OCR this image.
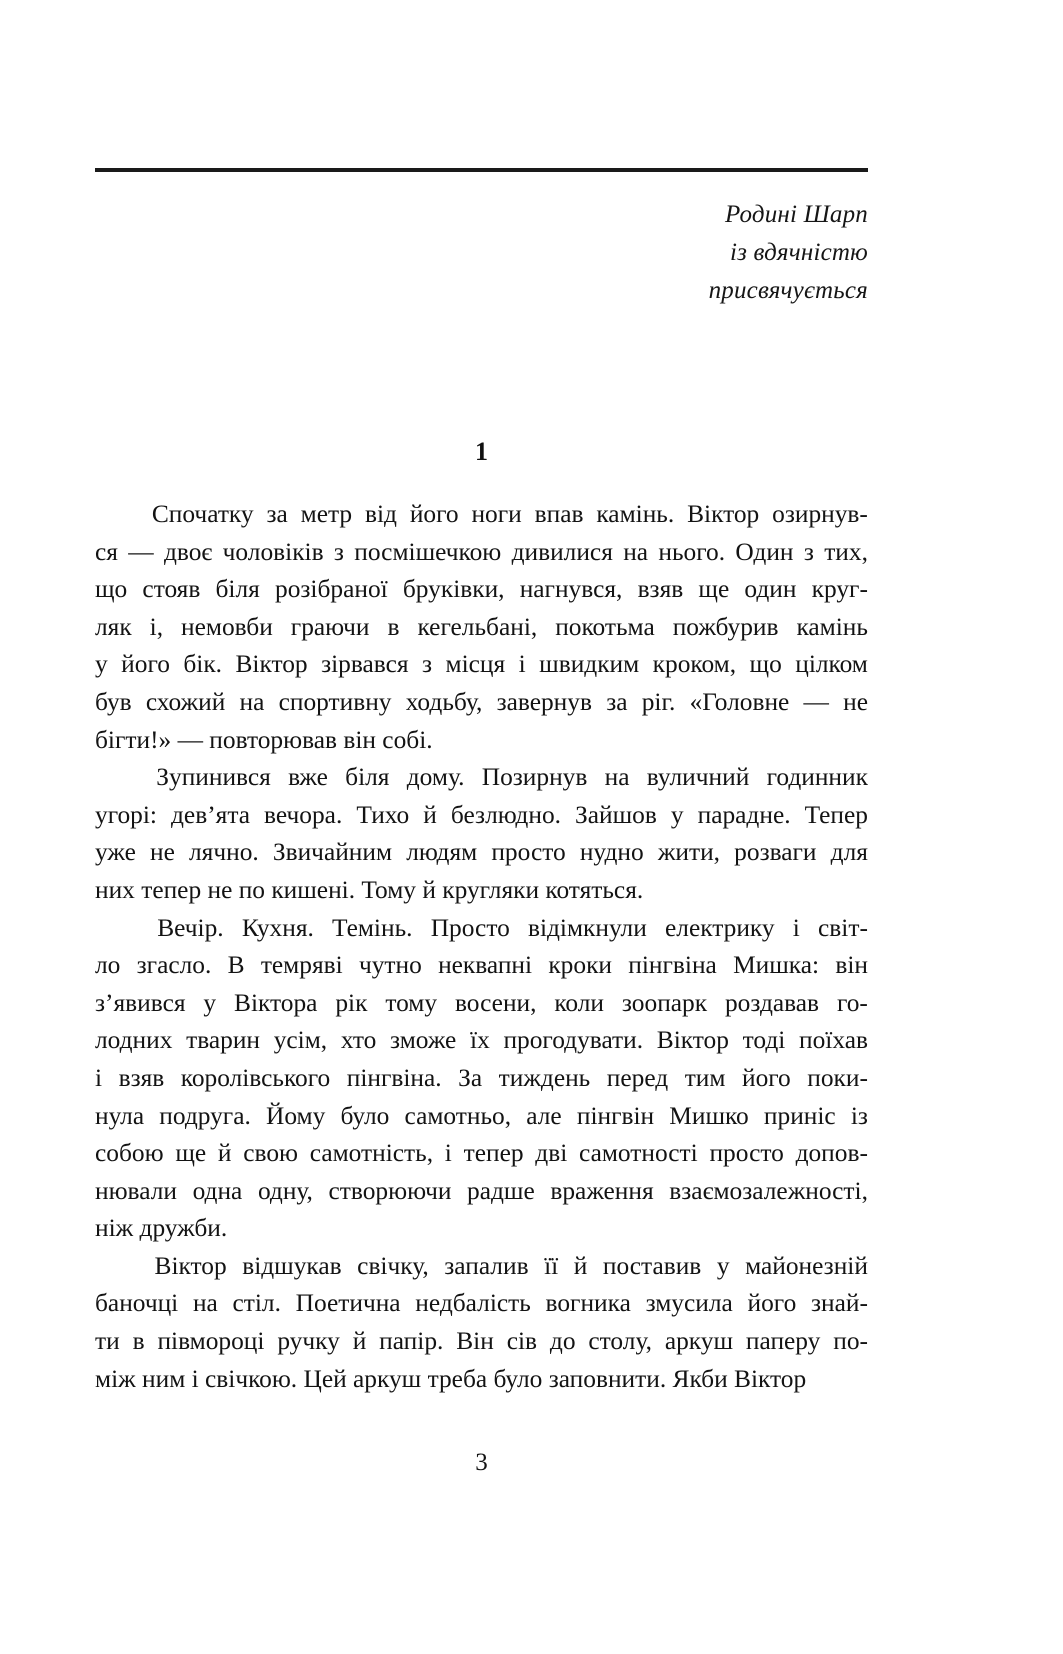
Родині Шарп
із вдячністю
присвячується
1

Спочатку за метр від його ноги впав камінь. Віктор озирнув-
ся — двоє чоловіків з посмішечкою дивилися на нього. Один з тих,
що стояв біля розібраної бруківки, нагнувся, взяв ще один круг-
ляк і, немовби граючи в кегельбані, покотьма пожбурив камінь
у його бік. Віктор зірвався з місця і швидким кроком, що цілком
був схожий на спортивну ходьбу, завернув за ріг. «Головне — не
бігти!» — повторював він собі.

Зупинився вже біля дому. Позирнув на вуличний годинник
угорі: дев’ята вечора. Тихо й безлюдно. Зайшов у парадне. Тепер
уже не лячно. Звичайним людям просто нудно жити, розваги для
них тепер не по кишені. Тому й кругляки котяться.

Вечір. Кухня. Темінь. Просто відімкнули електрику і світ-
ло згасло. В темряві чутно неквапні кроки пінгвіна Мишка: він
з’явився у Віктора рік тому восени, коли зоопарк роздавав го-
лодних тварин усім, хто зможе їх прогодувати. Віктор тоді поїхав
і взяв королівського пінгвіна. За тиждень перед тим його поки-
нула подруга. Йому було самотньо, але пінгвін Мишко приніс із
собою ще й свою самотність, і тепер дві самотності просто допов-
нювали одна одну, створюючи радше враження взаємозалежності,
ніж дружби.

Віктор відшукав свічку, запалив її й поставив у майонезній
баночці на стіл. Поетична недбалість вогника змусила його знай-
ти в півмороці ручку й папір. Він сів до столу, аркуш паперу по-
між ним і свічкою. Цей аркуш треба було заповнити. Якби Віктор

3
